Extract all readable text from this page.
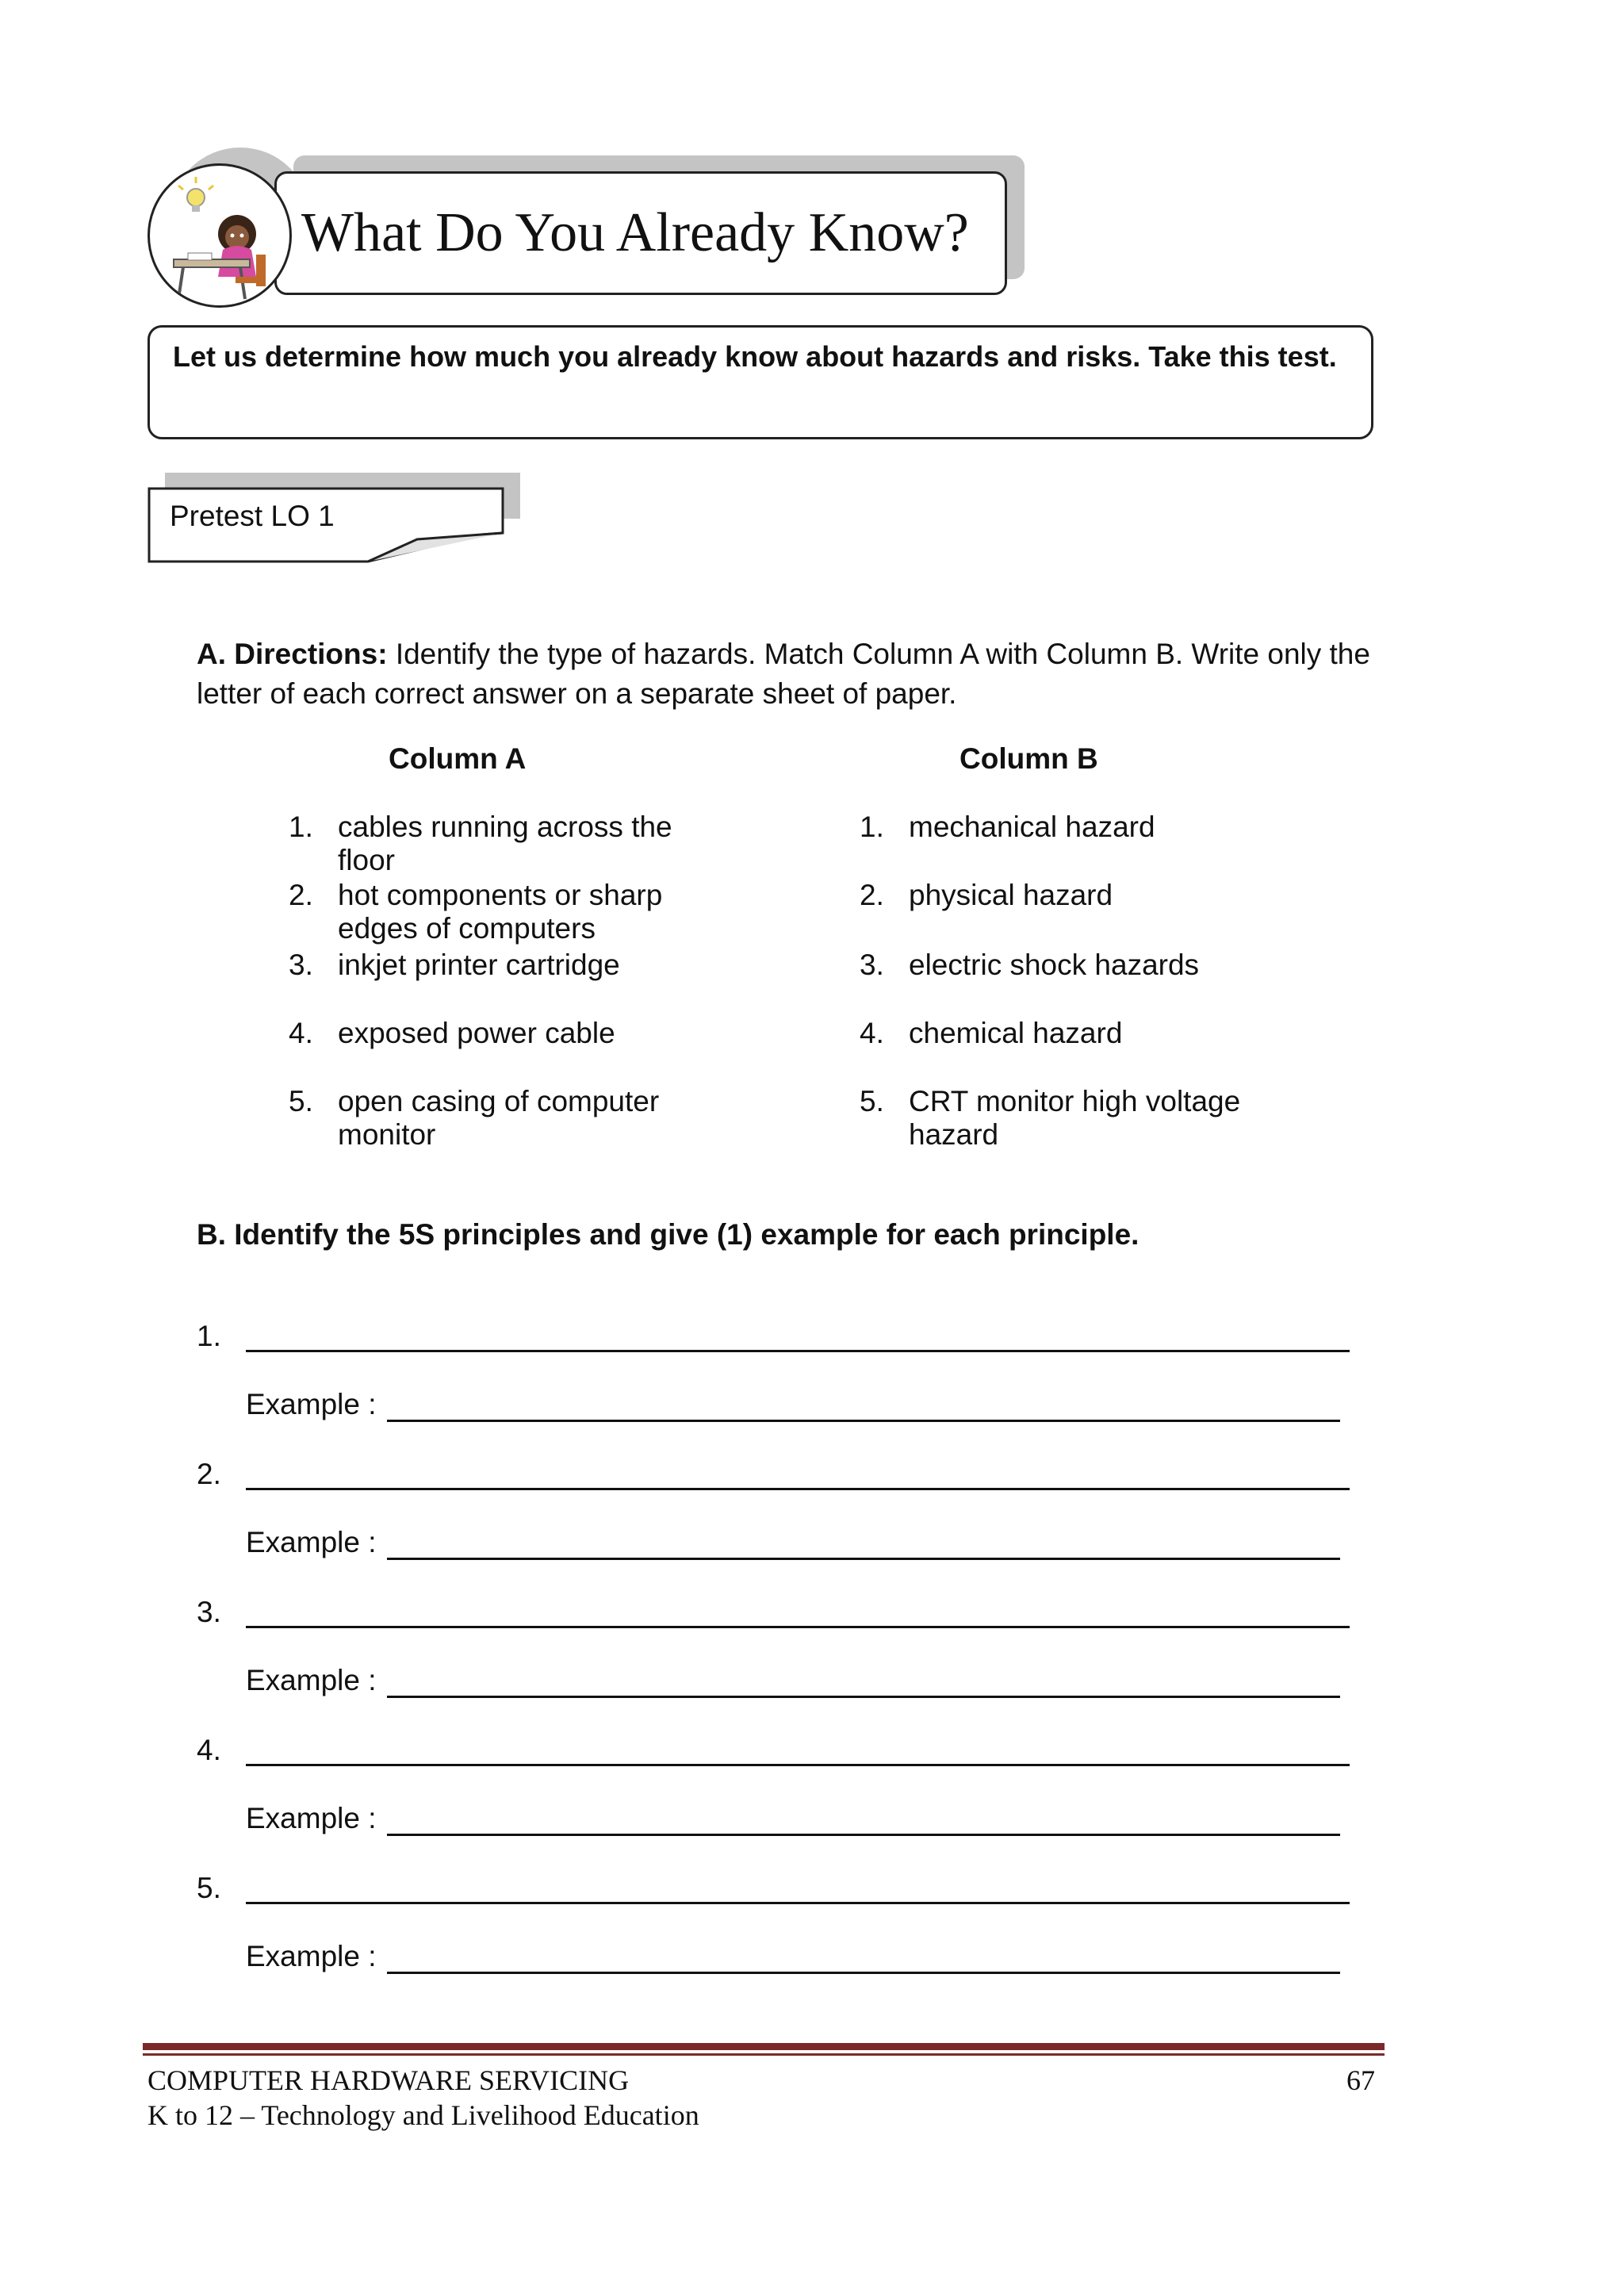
What Do You Already Know?
Let us determine how much you already know about hazards and risks. Take this test.
Pretest LO 1
A. Directions: Identify the type of hazards. Match Column A with Column B. Write only the letter of each correct answer on a separate sheet of paper.
Column A	Column B
1. cables running across the floor
2. hot components or sharp edges of computers
3. inkjet printer cartridge
4. exposed power cable
5. open casing of computer monitor
1. mechanical hazard
2. physical hazard
3. electric shock hazards
4. chemical hazard
5. CRT monitor high voltage hazard
B. Identify the 5S principles and give (1) example for each principle.
1.
Example :
2.
Example :
3.
Example :
4.
Example :
5.
Example :
COMPUTER HARDWARE SERVICING
K to 12 – Technology and Livelihood Education
67
